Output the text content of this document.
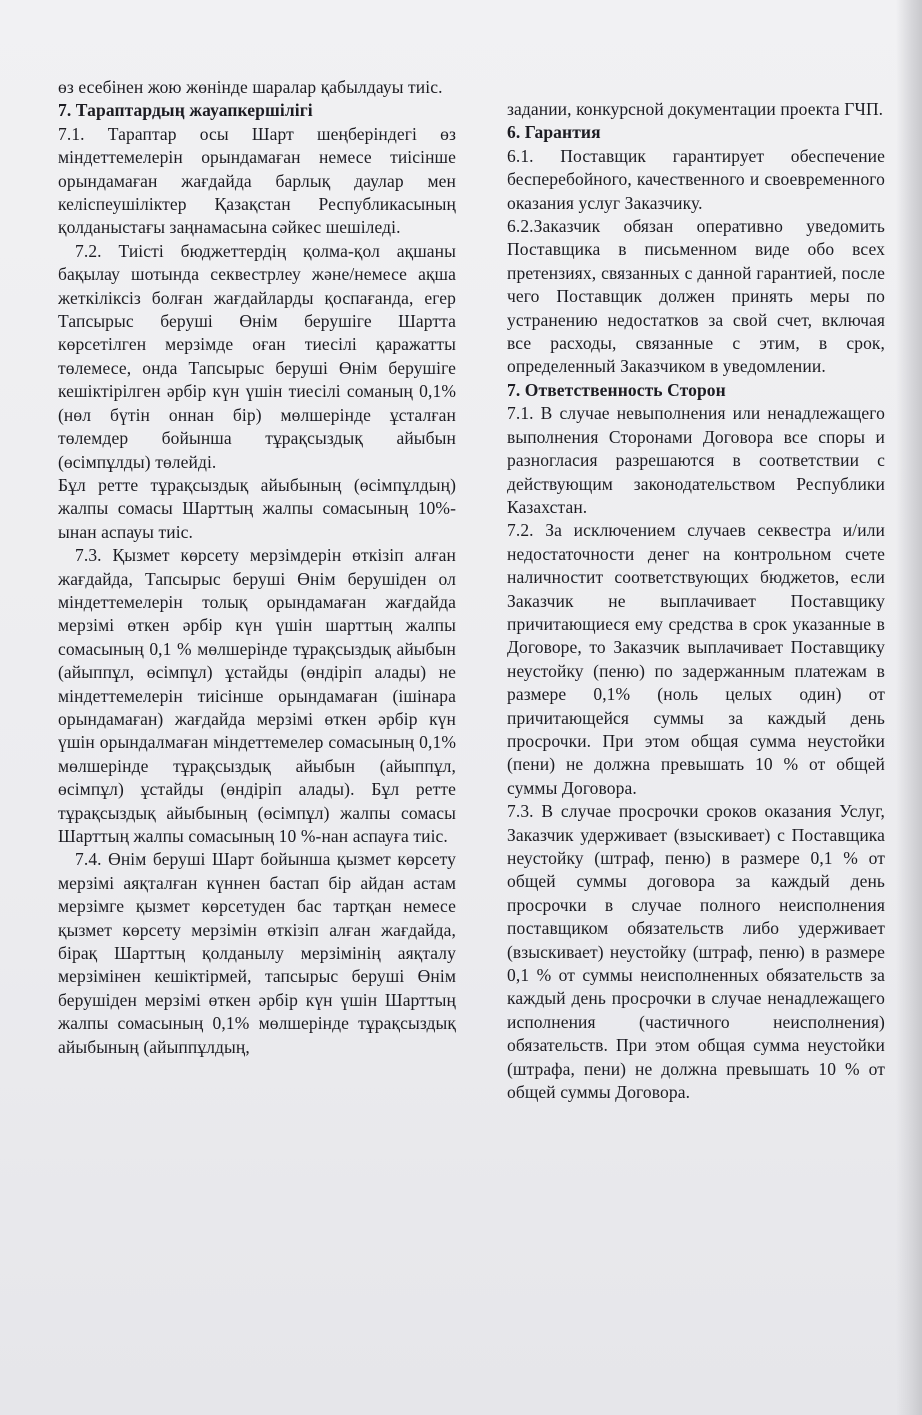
өз есебінен жою жөнінде шаралар қабылдауы тиіс.

7. Тараптардың жауапкершілігі

7.1. Тараптар осы Шарт шеңберіндегі өз міндеттемелерін орындамаған немесе тиісінше орындамаған жағдайда барлық даулар мен келіспеушіліктер Қазақстан Республикасының қолданыстағы заңнамасына сәйкес шешіледі.

7.2. Тиісті бюджеттердің қолма-қол ақшаны бақылау шотында секвестрлеу және/немесе ақша жеткіліксіз болған жағдайларды қоспағанда, егер Тапсырыс беруші Өнім берушіге Шартта көрсетілген мерзімде оған тиесілі қаражатты төлемесе, онда Тапсырыс беруші Өнім берушіге кешіктірілген әрбір күн үшін тиесілі соманың 0,1% (нөл бүтін оннан бір) мөлшерінде ұсталған төлемдер бойынша тұрақсыздық айыбын (өсімпұлды) төлейді.

Бұл ретте тұрақсыздық айыбының (өсімпұлдың) жалпы сомасы Шарттың жалпы сомасының 10%-ынан аспауы тиіс.

7.3. Қызмет көрсету мерзімдерін өткізіп алған жағдайда, Тапсырыс беруші Өнім берушіден ол міндеттемелерін толық орындамаған жағдайда мерзімі өткен әрбір күн үшін шарттың жалпы сомасының 0,1 % мөлшерінде тұрақсыздық айыбын (айыппұл, өсімпұл) ұстайды (өндіріп алады) не міндеттемелерін тиісінше орындамаған (ішінара орындамаған) жағдайда мерзімі өткен әрбір күн үшін орындалмаған міндеттемелер сомасының 0,1% мөлшерінде тұрақсыздық айыбын (айыппұл, өсімпұл) ұстайды (өндіріп алады). Бұл ретте тұрақсыздық айыбының (өсімпұл) жалпы сомасы Шарттың жалпы сомасының 10 %-нан аспауға тиіс.

7.4. Өнім беруші Шарт бойынша қызмет көрсету мерзімі аяқталған күннен бастап бір айдан астам мерзімге қызмет көрсетуден бас тартқан немесе қызмет көрсету мерзімін өткізіп алған жағдайда, бірақ Шарттың қолданылу мерзімінің аяқталу мерзімінен кешіктірмей, тапсырыс беруші Өнім берушіден мерзімі өткен әрбір күн үшін Шарттың жалпы сомасының 0,1% мөлшерінде тұрақсыздық айыбының (айыппұлдың,

задании, конкурсной документации проекта ГЧП.

6. Гарантия

6.1. Поставщик гарантирует обеспечение бесперебойного, качественного и своевременного оказания услуг Заказчику.

6.2.Заказчик обязан оперативно уведомить Поставщика в письменном виде обо всех претензиях, связанных с данной гарантией, после чего Поставщик должен принять меры по устранению недостатков за свой счет, включая все расходы, связанные с этим, в срок, определенный Заказчиком в уведомлении.

7. Ответственность Сторон

7.1. В случае невыполнения или ненадлежащего выполнения Сторонами Договора все споры и разногласия разрешаются в соответствии с действующим законодательством Республики Казахстан.

7.2. За исключением случаев секвестра и/или недостаточности денег на контрольном счете наличностит соответствующих бюджетов, если Заказчик не выплачивает Поставщику причитающиеся ему средства в срок указанные в Договоре, то Заказчик выплачивает Поставщику неустойку (пеню) по задержанным платежам в размере 0,1% (ноль целых один) от причитающейся суммы за каждый день просрочки. При этом общая сумма неустойки (пени) не должна превышать 10 % от общей суммы Договора.

7.3. В случае просрочки сроков оказания Услуг, Заказчик удерживает (взыскивает) с Поставщика неустойку (штраф, пеню) в размере 0,1 % от общей суммы договора за каждый день просрочки в случае полного неисполнения поставщиком обязательств либо удерживает (взыскивает) неустойку (штраф, пеню) в размере 0,1 % от суммы неисполненных обязательств за каждый день просрочки в случае ненадлежащего исполнения (частичного неисполнения) обязательств. При этом общая сумма неустойки (штрафа, пени) не должна превышать 10 % от общей суммы Договора.
